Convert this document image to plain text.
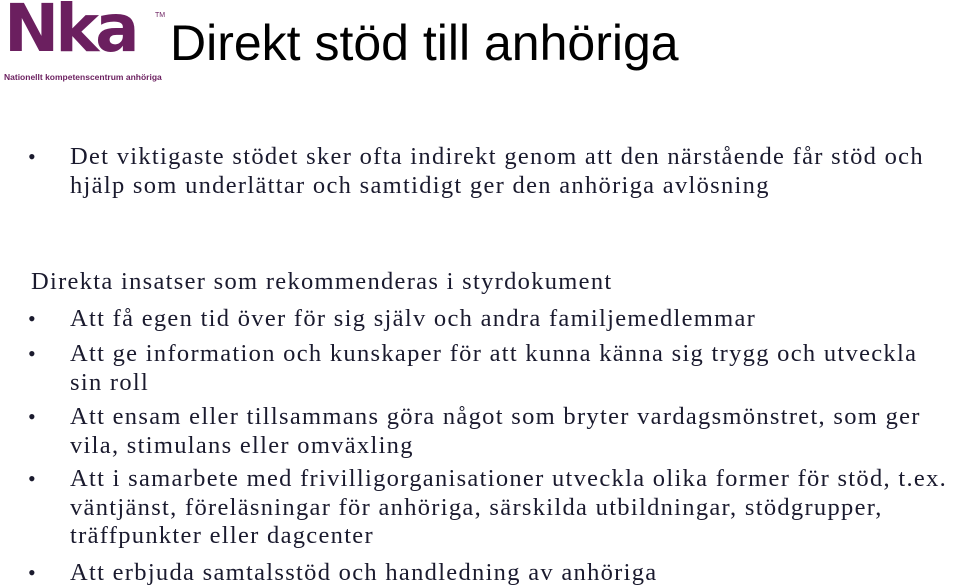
Nka	TM
Nationellt kompetenscentrum anhöriga
Direkt stöd till anhöriga
•	Det viktigaste stödet sker ofta indirekt genom att den närstående får stöd och hjälp som underlättar och samtidigt ger den anhöriga avlösning
Direkta insatser som rekommenderas i styrdokument
•	Att få egen tid över för sig själv och andra familjemedlemmar
•	Att ge information och kunskaper för att kunna känna sig trygg och utveckla sin roll
•	Att ensam eller tillsammans göra något som bryter vardagsmönstret, som ger vila, stimulans eller omväxling
•	Att i samarbete med frivilligorganisationer utveckla olika former för stöd, t.ex. väntjänst, föreläsningar för anhöriga, särskilda utbildningar, stödgrupper, träffpunkter eller dagcenter
•	Att erbjuda samtalsstöd och handledning av anhöriga
